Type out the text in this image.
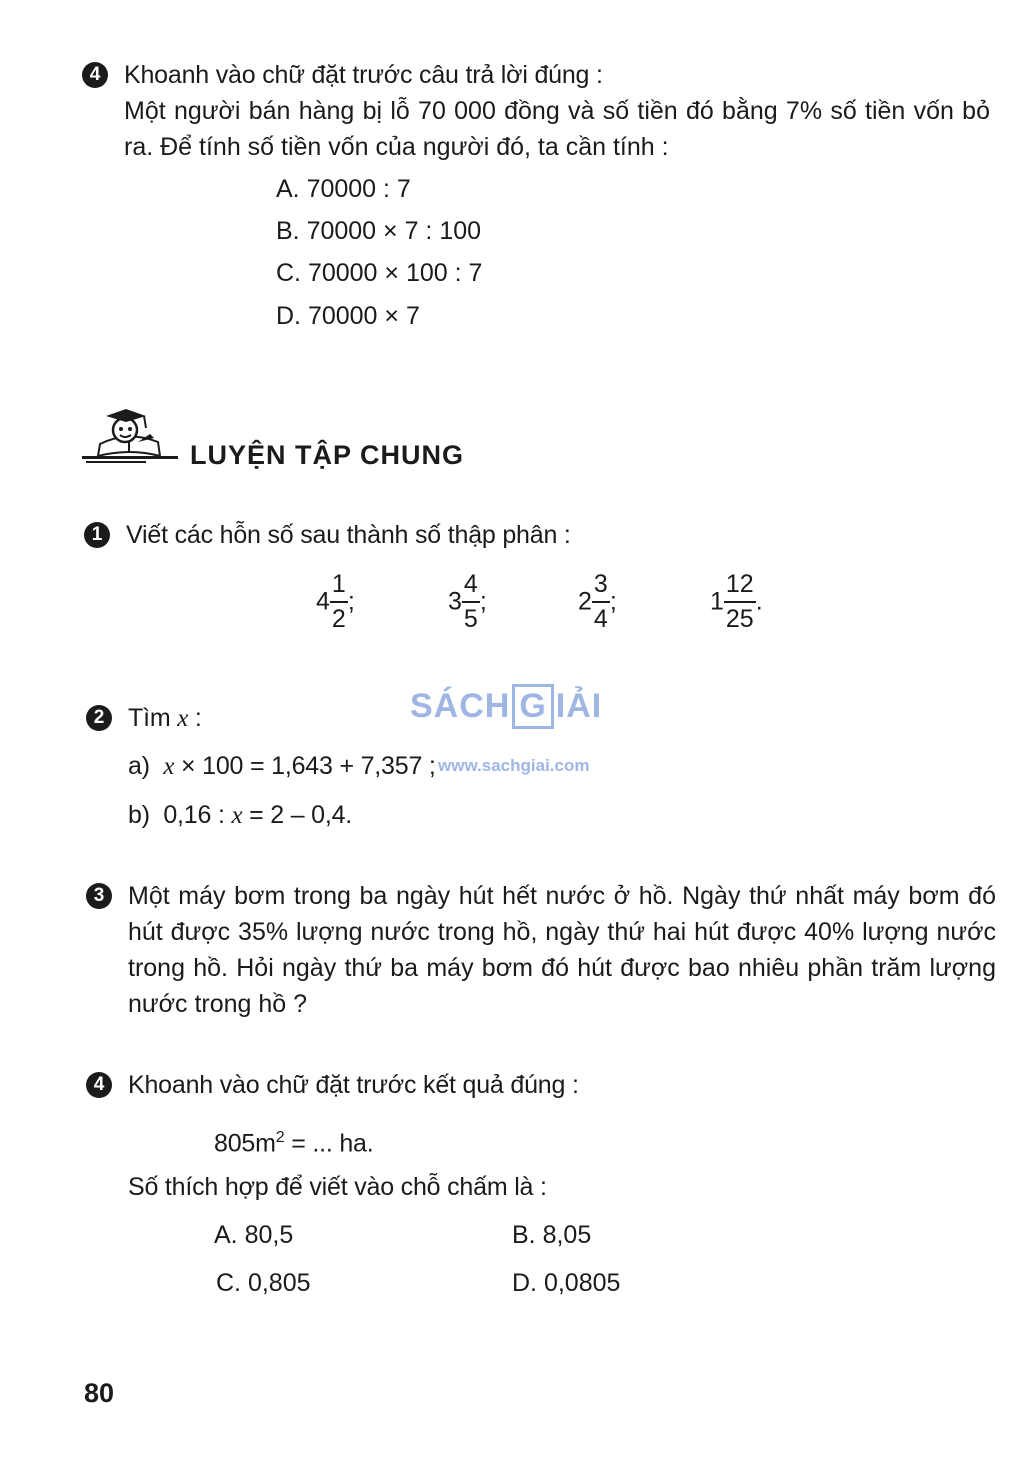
4 Khoanh vào chữ đặt trước câu trả lời đúng :
Một người bán hàng bị lỗ 70 000 đồng và số tiền đó bằng 7% số tiền vốn bỏ ra. Để tính số tiền vốn của người đó, ta cần tính :
A. 70000 : 7
B. 70000 × 7 : 100
C. 70000 × 100 : 7
D. 70000 × 7
LUYỆN TẬP CHUNG
1 Viết các hỗn số sau thành số thập phân :
$4 \frac{1}{2}$ ;	$3 \frac{4}{5}$ ;	$2 \frac{3}{4}$ ;	$1 \frac{12}{25}$ .
SÁCH G IẢI
www.sachgiai.com
2 Tìm x :
a) x × 100 = 1,643 + 7,357 ;
b) 0,16 : x = 2 – 0,4.
3 Một máy bơm trong ba ngày hút hết nước ở hồ. Ngày thứ nhất máy bơm đó hút được 35% lượng nước trong hồ, ngày thứ hai hút được 40% lượng nước trong hồ. Hỏi ngày thứ ba máy bơm đó hút được bao nhiêu phần trăm lượng nước trong hồ ?
4 Khoanh vào chữ đặt trước kết quả đúng :
$805m^2$ = ... ha.
Số thích hợp để viết vào chỗ chấm là :
A. 80,5	B. 8,05
C. 0,805	D. 0,0805
80
